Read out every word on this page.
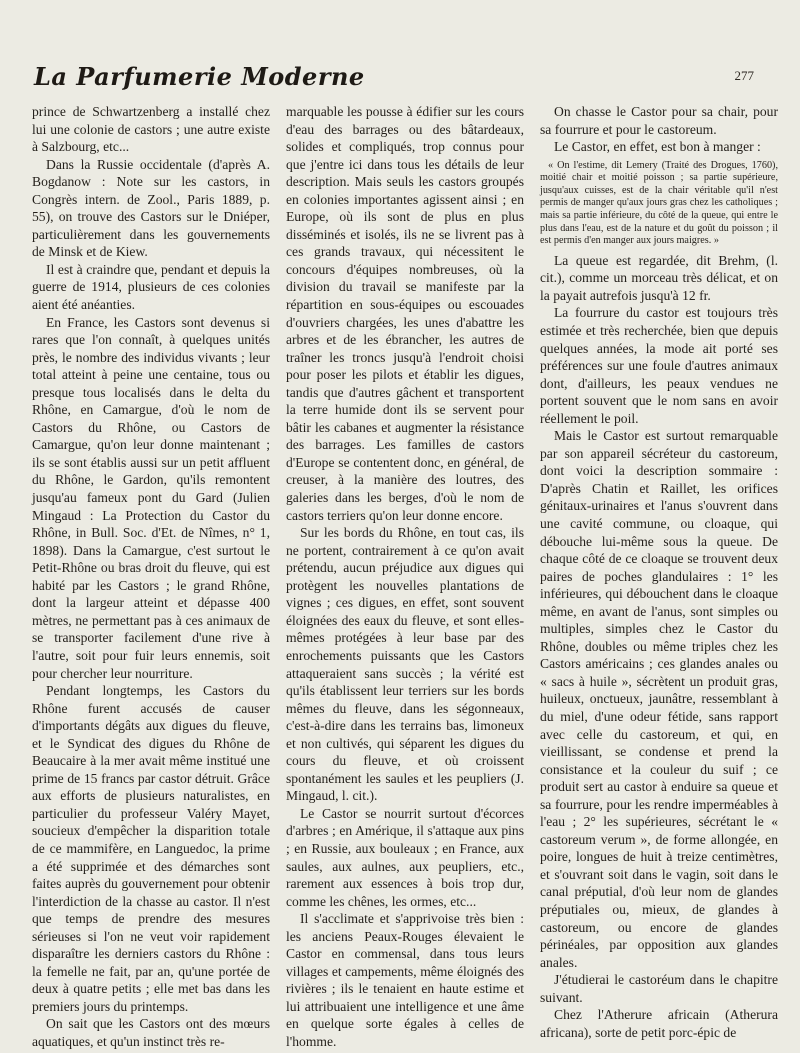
La Parfumerie Moderne	277

prince de Schwartzenberg a installé chez lui une colonie de castors ; une autre existe à Salzbourg, etc...

Dans la Russie occidentale (d'après A. Bogdanow : Note sur les castors, in Congrès intern. de Zool., Paris 1889, p. 55), on trouve des Castors sur le Dniéper, particulièrement dans les gouvernements de Minsk et de Kiew.

Il est à craindre que, pendant et depuis la guerre de 1914, plusieurs de ces colonies aient été anéanties.

En France, les Castors sont devenus si rares que l'on connaît, à quelques unités près, le nombre des individus vivants ; leur total atteint à peine une centaine, tous ou presque tous localisés dans le delta du Rhône, en Camargue, d'où le nom de Castors du Rhône, ou Castors de Camargue, qu'on leur donne maintenant ; ils se sont établis aussi sur un petit affluent du Rhône, le Gardon, qu'ils remontent jusqu'au fameux pont du Gard (Julien Mingaud : La Protection du Castor du Rhône, in Bull. Soc. d'Et. de Nîmes, n° 1, 1898). Dans la Camargue, c'est surtout le Petit-Rhône ou bras droit du fleuve, qui est habité par les Castors ; le grand Rhône, dont la largeur atteint et dépasse 400 mètres, ne permettant pas à ces animaux de se transporter facilement d'une rive à l'autre, soit pour fuir leurs ennemis, soit pour chercher leur nourriture.

Pendant longtemps, les Castors du Rhône furent accusés de causer d'importants dégâts aux digues du fleuve, et le Syndicat des digues du Rhône de Beaucaire à la mer avait même institué une prime de 15 francs par castor détruit. Grâce aux efforts de plusieurs naturalistes, en particulier du professeur Valéry Mayet, soucieux d'empêcher la disparition totale de ce mammifère, en Languedoc, la prime a été supprimée et des démarches sont faites auprès du gouvernement pour obtenir l'interdiction de la chasse au castor. Il n'est que temps de prendre des mesures sérieuses si l'on ne veut voir rapidement disparaître les derniers castors du Rhône : la femelle ne fait, par an, qu'une portée de deux à quatre petits ; elle met bas dans les premiers jours du printemps.

On sait que les Castors ont des mœurs aquatiques, et qu'un instinct très re-

marquable les pousse à édifier sur les cours d'eau des barrages ou des bâtardeaux, solides et compliqués, trop connus pour que j'entre ici dans tous les détails de leur description. Mais seuls les castors groupés en colonies importantes agissent ainsi ; en Europe, où ils sont de plus en plus disséminés et isolés, ils ne se livrent pas à ces grands travaux, qui nécessitent le concours d'équipes nombreuses, où la division du travail se manifeste par la répartition en sous-équipes ou escouades d'ouvriers chargées, les unes d'abattre les arbres et de les ébrancher, les autres de traîner les troncs jusqu'à l'endroit choisi pour poser les pilots et établir les digues, tandis que d'autres gâchent et transportent la terre humide dont ils se servent pour bâtir les cabanes et augmenter la résistance des barrages. Les familles de castors d'Europe se contentent donc, en général, de creuser, à la manière des loutres, des galeries dans les berges, d'où le nom de castors terriers qu'on leur donne encore.

Sur les bords du Rhône, en tout cas, ils ne portent, contrairement à ce qu'on avait prétendu, aucun préjudice aux digues qui protègent les nouvelles plantations de vignes ; ces digues, en effet, sont souvent éloignées des eaux du fleuve, et sont elles-mêmes protégées à leur base par des enrochements puissants que les Castors attaqueraient sans succès ; la vérité est qu'ils établissent leur terriers sur les bords mêmes du fleuve, dans les ségonneaux, c'est-à-dire dans les terrains bas, limoneux et non cultivés, qui séparent les digues du cours du fleuve, et où croissent spontanément les saules et les peupliers (J. Mingaud, l. cit.).

Le Castor se nourrit surtout d'écorces d'arbres ; en Amérique, il s'attaque aux pins ; en Russie, aux bouleaux ; en France, aux saules, aux aulnes, aux peupliers, etc., rarement aux essences à bois trop dur, comme les chênes, les ormes, etc...

Il s'acclimate et s'apprivoise très bien : les anciens Peaux-Rouges élevaient le Castor en commensal, dans tous leurs villages et campements, même éloignés des rivières ; ils le tenaient en haute estime et lui attribuaient une intelligence et une âme en quelque sorte égales à celles de l'homme.

On chasse le Castor pour sa chair, pour sa fourrure et pour le castoreum.

Le Castor, en effet, est bon à manger :

« On l'estime, dit Lemery (Traité des Drogues, 1760), moitié chair et moitié poisson ; sa partie supérieure, jusqu'aux cuisses, est de la chair véritable qu'il n'est permis de manger qu'aux jours gras chez les catholiques ; mais sa partie inférieure, du côté de la queue, qui entre le plus dans l'eau, est de la nature et du goût du poisson ; il est permis d'en manger aux jours maigres. »

La queue est regardée, dit Brehm, (l. cit.), comme un morceau très délicat, et on la payait autrefois jusqu'à 12 fr.

La fourrure du castor est toujours très estimée et très recherchée, bien que depuis quelques années, la mode ait porté ses préférences sur une foule d'autres animaux dont, d'ailleurs, les peaux vendues ne portent souvent que le nom sans en avoir réellement le poil.

Mais le Castor est surtout remarquable par son appareil sécréteur du castoreum, dont voici la description sommaire : D'après Chatin et Raillet, les orifices génitaux-urinaires et l'anus s'ouvrent dans une cavité commune, ou cloaque, qui débouche lui-même sous la queue. De chaque côté de ce cloaque se trouvent deux paires de poches glandulaires : 1° les inférieures, qui débouchent dans le cloaque même, en avant de l'anus, sont simples ou multiples, simples chez le Castor du Rhône, doubles ou même triples chez les Castors américains ; ces glandes anales ou « sacs à huile », sécrètent un produit gras, huileux, onctueux, jaunâtre, ressemblant à du miel, d'une odeur fétide, sans rapport avec celle du castoreum, et qui, en vieillissant, se condense et prend la consistance et la couleur du suif ; ce produit sert au castor à enduire sa queue et sa fourrure, pour les rendre imperméables à l'eau ; 2° les supérieures, sécrétant le « castoreum verum », de forme allongée, en poire, longues de huit à treize centimètres, et s'ouvrant soit dans le vagin, soit dans le canal préputial, d'où leur nom de glandes préputiales ou, mieux, de glandes à castoreum, ou encore de glandes périnéales, par opposition aux glandes anales.

J'étudierai le castoréum dans le chapitre suivant.

Chez l'Atherure africain (Atherura africana), sorte de petit porc-épic de
